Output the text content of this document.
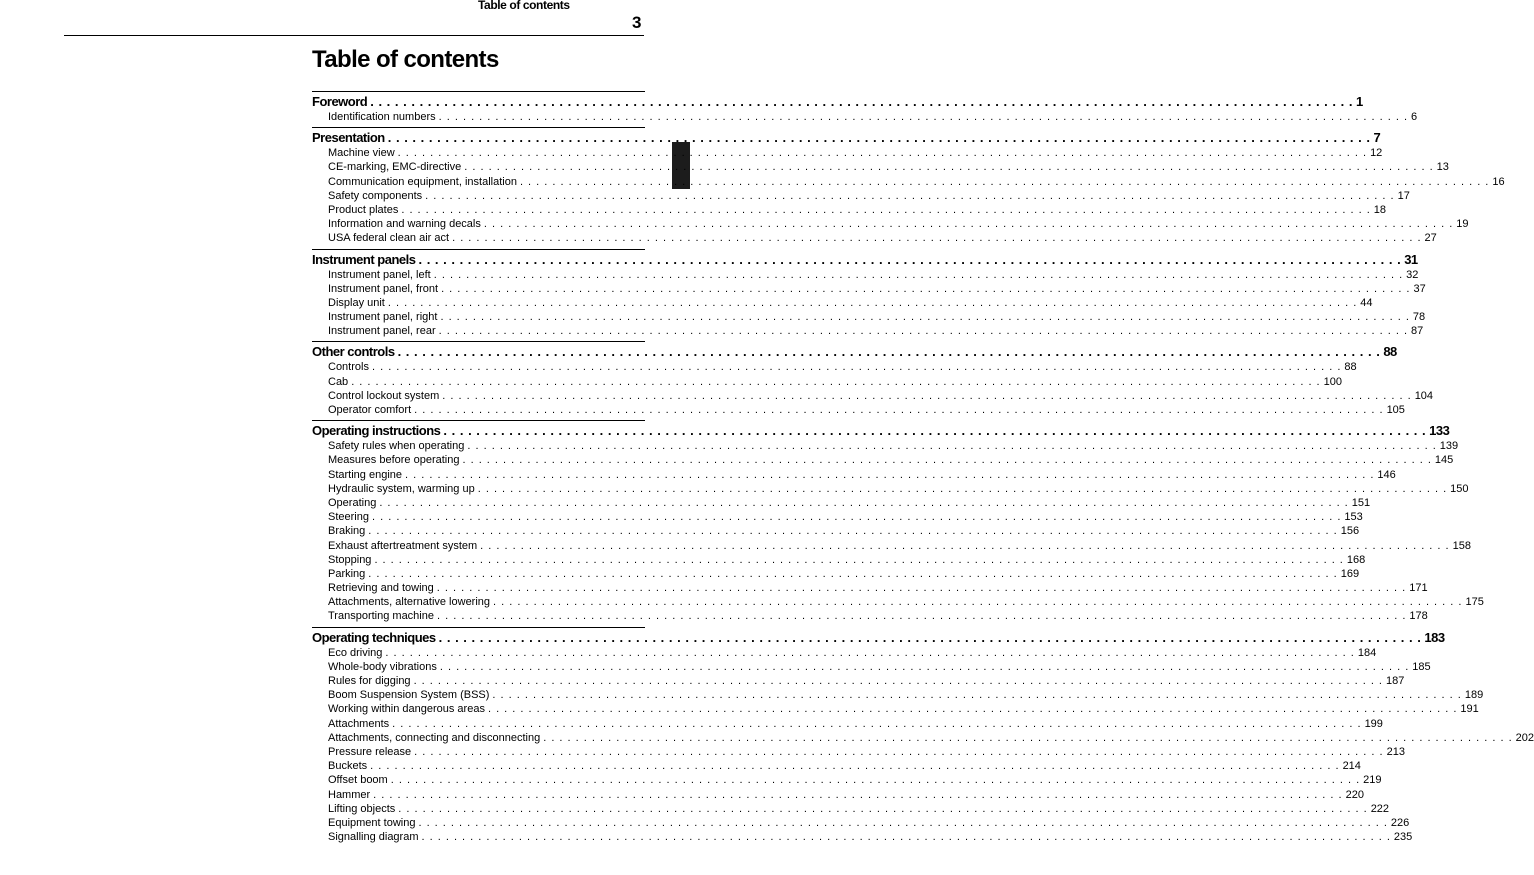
Table of contents
3
Table of contents
Foreword . . . . . . . . . . . . . . . . . . . . . . . . . . . . . . . . . . . . . . . . . . . . . . . . . . . . . . . . . . . . . . . . . . . . . . . . . . . . . . . . . . . . . . . . . . . . . . . . . . . . . . . . . . . . . . . . . . . . . . . . 1
Identification numbers . . . . . . . . . . . . . . . . . . . . . . . . . . . . . . . . . . . . . . . . . . . . . . . . . . . . . . . . . . . . . . . . . . . . . . . . . . . . . . . . . . . . . . . . . . . . . . . . . . . . . . . . . . . . . . . . . . . . . . . . 6
Presentation . . . . . . . . . . . . . . . . . . . . . . . . . . . . . . . . . . . . . . . . . . . . . . . . . . . . . . . . . . . . . . . . . . . . . . . . . . . . . . . . . . . . . . . . . . . . . . . . . . . . . . . . . . . . . . . . . . . . . . . . 7
Machine view . . . . . . . . . . . . . . . . . . . . . . . . . . . . . . . . . . . . . . . . . . . . . . . . . . . . . . . . . . . . . . . . . . . . . . . . . . . . . . . . . . . . . . . . . . . . . . . . . . . . . . . . . . . . . . . . . . . . . . . . 12
CE-marking, EMC-directive . . . . . . . . . . . . . . . . . . . . . . . . . . . . . . . . . . . . . . . . . . . . . . . . . . . . . . . . . . . . . . . . . . . . . . . . . . . . . . . . . . . . . . . . . . . . . . . . . . . . . . . . . . . . . . . . . . . . . . . . 13
Communication equipment, installation . . . . . . . . . . . . . . . . . . . . . . . . . . . . . . . . . . . . . . . . . . . . . . . . . . . . . . . . . . . . . . . . . . . . . . . . . . . . . . . . . . . . . . . . . . . . . . . . . . . . . . . . . . . . . . . . . . . . . . . . 16
Safety components . . . . . . . . . . . . . . . . . . . . . . . . . . . . . . . . . . . . . . . . . . . . . . . . . . . . . . . . . . . . . . . . . . . . . . . . . . . . . . . . . . . . . . . . . . . . . . . . . . . . . . . . . . . . . . . . . . . . . . . . 17
Product plates . . . . . . . . . . . . . . . . . . . . . . . . . . . . . . . . . . . . . . . . . . . . . . . . . . . . . . . . . . . . . . . . . . . . . . . . . . . . . . . . . . . . . . . . . . . . . . . . . . . . . . . . . . . . . . . . . . . . . . . . 18
Information and warning decals . . . . . . . . . . . . . . . . . . . . . . . . . . . . . . . . . . . . . . . . . . . . . . . . . . . . . . . . . . . . . . . . . . . . . . . . . . . . . . . . . . . . . . . . . . . . . . . . . . . . . . . . . . . . . . . . . . . . . . . . 19
USA federal clean air act . . . . . . . . . . . . . . . . . . . . . . . . . . . . . . . . . . . . . . . . . . . . . . . . . . . . . . . . . . . . . . . . . . . . . . . . . . . . . . . . . . . . . . . . . . . . . . . . . . . . . . . . . . . . . . . . . . . . . . . . 27
Instrument panels . . . . . . . . . . . . . . . . . . . . . . . . . . . . . . . . . . . . . . . . . . . . . . . . . . . . . . . . . . . . . . . . . . . . . . . . . . . . . . . . . . . . . . . . . . . . . . . . . . . . . . . . . . . . . . . . . . . . . . . . 31
Instrument panel, left . . . . . . . . . . . . . . . . . . . . . . . . . . . . . . . . . . . . . . . . . . . . . . . . . . . . . . . . . . . . . . . . . . . . . . . . . . . . . . . . . . . . . . . . . . . . . . . . . . . . . . . . . . . . . . . . . . . . . . . . 32
Instrument panel, front . . . . . . . . . . . . . . . . . . . . . . . . . . . . . . . . . . . . . . . . . . . . . . . . . . . . . . . . . . . . . . . . . . . . . . . . . . . . . . . . . . . . . . . . . . . . . . . . . . . . . . . . . . . . . . . . . . . . . . . . 37
Display unit . . . . . . . . . . . . . . . . . . . . . . . . . . . . . . . . . . . . . . . . . . . . . . . . . . . . . . . . . . . . . . . . . . . . . . . . . . . . . . . . . . . . . . . . . . . . . . . . . . . . . . . . . . . . . . . . . . . . . . . . 44
Instrument panel, right . . . . . . . . . . . . . . . . . . . . . . . . . . . . . . . . . . . . . . . . . . . . . . . . . . . . . . . . . . . . . . . . . . . . . . . . . . . . . . . . . . . . . . . . . . . . . . . . . . . . . . . . . . . . . . . . . . . . . . . . 78
Instrument panel, rear . . . . . . . . . . . . . . . . . . . . . . . . . . . . . . . . . . . . . . . . . . . . . . . . . . . . . . . . . . . . . . . . . . . . . . . . . . . . . . . . . . . . . . . . . . . . . . . . . . . . . . . . . . . . . . . . . . . . . . . . 87
Other controls . . . . . . . . . . . . . . . . . . . . . . . . . . . . . . . . . . . . . . . . . . . . . . . . . . . . . . . . . . . . . . . . . . . . . . . . . . . . . . . . . . . . . . . . . . . . . . . . . . . . . . . . . . . . . . . . . . . . . . . . 88
Controls . . . . . . . . . . . . . . . . . . . . . . . . . . . . . . . . . . . . . . . . . . . . . . . . . . . . . . . . . . . . . . . . . . . . . . . . . . . . . . . . . . . . . . . . . . . . . . . . . . . . . . . . . . . . . . . . . . . . . . . . 88
Cab . . . . . . . . . . . . . . . . . . . . . . . . . . . . . . . . . . . . . . . . . . . . . . . . . . . . . . . . . . . . . . . . . . . . . . . . . . . . . . . . . . . . . . . . . . . . . . . . . . . . . . . . . . . . . . . . . . . . . . . . 100
Control lockout system . . . . . . . . . . . . . . . . . . . . . . . . . . . . . . . . . . . . . . . . . . . . . . . . . . . . . . . . . . . . . . . . . . . . . . . . . . . . . . . . . . . . . . . . . . . . . . . . . . . . . . . . . . . . . . . . . . . . . . . . 104
Operator comfort . . . . . . . . . . . . . . . . . . . . . . . . . . . . . . . . . . . . . . . . . . . . . . . . . . . . . . . . . . . . . . . . . . . . . . . . . . . . . . . . . . . . . . . . . . . . . . . . . . . . . . . . . . . . . . . . . . . . . . . . 105
Operating instructions . . . . . . . . . . . . . . . . . . . . . . . . . . . . . . . . . . . . . . . . . . . . . . . . . . . . . . . . . . . . . . . . . . . . . . . . . . . . . . . . . . . . . . . . . . . . . . . . . . . . . . . . . . . . . . . . . . . . . . . . 133
Safety rules when operating . . . . . . . . . . . . . . . . . . . . . . . . . . . . . . . . . . . . . . . . . . . . . . . . . . . . . . . . . . . . . . . . . . . . . . . . . . . . . . . . . . . . . . . . . . . . . . . . . . . . . . . . . . . . . . . . . . . . . . . . 139
Measures before operating . . . . . . . . . . . . . . . . . . . . . . . . . . . . . . . . . . . . . . . . . . . . . . . . . . . . . . . . . . . . . . . . . . . . . . . . . . . . . . . . . . . . . . . . . . . . . . . . . . . . . . . . . . . . . . . . . . . . . . . . 145
Starting engine . . . . . . . . . . . . . . . . . . . . . . . . . . . . . . . . . . . . . . . . . . . . . . . . . . . . . . . . . . . . . . . . . . . . . . . . . . . . . . . . . . . . . . . . . . . . . . . . . . . . . . . . . . . . . . . . . . . . . . . . 146
Hydraulic system, warming up . . . . . . . . . . . . . . . . . . . . . . . . . . . . . . . . . . . . . . . . . . . . . . . . . . . . . . . . . . . . . . . . . . . . . . . . . . . . . . . . . . . . . . . . . . . . . . . . . . . . . . . . . . . . . . . . . . . . . . . . 150
Operating . . . . . . . . . . . . . . . . . . . . . . . . . . . . . . . . . . . . . . . . . . . . . . . . . . . . . . . . . . . . . . . . . . . . . . . . . . . . . . . . . . . . . . . . . . . . . . . . . . . . . . . . . . . . . . . . . . . . . . . . 151
Steering . . . . . . . . . . . . . . . . . . . . . . . . . . . . . . . . . . . . . . . . . . . . . . . . . . . . . . . . . . . . . . . . . . . . . . . . . . . . . . . . . . . . . . . . . . . . . . . . . . . . . . . . . . . . . . . . . . . . . . . . 153
Braking . . . . . . . . . . . . . . . . . . . . . . . . . . . . . . . . . . . . . . . . . . . . . . . . . . . . . . . . . . . . . . . . . . . . . . . . . . . . . . . . . . . . . . . . . . . . . . . . . . . . . . . . . . . . . . . . . . . . . . . . 156
Exhaust aftertreatment system . . . . . . . . . . . . . . . . . . . . . . . . . . . . . . . . . . . . . . . . . . . . . . . . . . . . . . . . . . . . . . . . . . . . . . . . . . . . . . . . . . . . . . . . . . . . . . . . . . . . . . . . . . . . . . . . . . . . . . . . 158
Stopping . . . . . . . . . . . . . . . . . . . . . . . . . . . . . . . . . . . . . . . . . . . . . . . . . . . . . . . . . . . . . . . . . . . . . . . . . . . . . . . . . . . . . . . . . . . . . . . . . . . . . . . . . . . . . . . . . . . . . . . . 168
Parking . . . . . . . . . . . . . . . . . . . . . . . . . . . . . . . . . . . . . . . . . . . . . . . . . . . . . . . . . . . . . . . . . . . . . . . . . . . . . . . . . . . . . . . . . . . . . . . . . . . . . . . . . . . . . . . . . . . . . . . . 169
Retrieving and towing . . . . . . . . . . . . . . . . . . . . . . . . . . . . . . . . . . . . . . . . . . . . . . . . . . . . . . . . . . . . . . . . . . . . . . . . . . . . . . . . . . . . . . . . . . . . . . . . . . . . . . . . . . . . . . . . . . . . . . . . 171
Attachments, alternative lowering . . . . . . . . . . . . . . . . . . . . . . . . . . . . . . . . . . . . . . . . . . . . . . . . . . . . . . . . . . . . . . . . . . . . . . . . . . . . . . . . . . . . . . . . . . . . . . . . . . . . . . . . . . . . . . . . . . . . . . . . 175
Transporting machine . . . . . . . . . . . . . . . . . . . . . . . . . . . . . . . . . . . . . . . . . . . . . . . . . . . . . . . . . . . . . . . . . . . . . . . . . . . . . . . . . . . . . . . . . . . . . . . . . . . . . . . . . . . . . . . . . . . . . . . . 178
Operating techniques . . . . . . . . . . . . . . . . . . . . . . . . . . . . . . . . . . . . . . . . . . . . . . . . . . . . . . . . . . . . . . . . . . . . . . . . . . . . . . . . . . . . . . . . . . . . . . . . . . . . . . . . . . . . . . . . . . . . . . . . 183
Eco driving . . . . . . . . . . . . . . . . . . . . . . . . . . . . . . . . . . . . . . . . . . . . . . . . . . . . . . . . . . . . . . . . . . . . . . . . . . . . . . . . . . . . . . . . . . . . . . . . . . . . . . . . . . . . . . . . . . . . . . . . 184
Whole-body vibrations . . . . . . . . . . . . . . . . . . . . . . . . . . . . . . . . . . . . . . . . . . . . . . . . . . . . . . . . . . . . . . . . . . . . . . . . . . . . . . . . . . . . . . . . . . . . . . . . . . . . . . . . . . . . . . . . . . . . . . . . 185
Rules for digging . . . . . . . . . . . . . . . . . . . . . . . . . . . . . . . . . . . . . . . . . . . . . . . . . . . . . . . . . . . . . . . . . . . . . . . . . . . . . . . . . . . . . . . . . . . . . . . . . . . . . . . . . . . . . . . . . . . . . . . . 187
Boom Suspension System (BSS) . . . . . . . . . . . . . . . . . . . . . . . . . . . . . . . . . . . . . . . . . . . . . . . . . . . . . . . . . . . . . . . . . . . . . . . . . . . . . . . . . . . . . . . . . . . . . . . . . . . . . . . . . . . . . . . . . . . . . . . . 189
Working within dangerous areas . . . . . . . . . . . . . . . . . . . . . . . . . . . . . . . . . . . . . . . . . . . . . . . . . . . . . . . . . . . . . . . . . . . . . . . . . . . . . . . . . . . . . . . . . . . . . . . . . . . . . . . . . . . . . . . . . . . . . . . . 191
Attachments . . . . . . . . . . . . . . . . . . . . . . . . . . . . . . . . . . . . . . . . . . . . . . . . . . . . . . . . . . . . . . . . . . . . . . . . . . . . . . . . . . . . . . . . . . . . . . . . . . . . . . . . . . . . . . . . . . . . . . . . 199
Attachments, connecting and disconnecting . . . . . . . . . . . . . . . . . . . . . . . . . . . . . . . . . . . . . . . . . . . . . . . . . . . . . . . . . . . . . . . . . . . . . . . . . . . . . . . . . . . . . . . . . . . . . . . . . . . . . . . . . . . . . . . . . . . . . . . . 202
Pressure release . . . . . . . . . . . . . . . . . . . . . . . . . . . . . . . . . . . . . . . . . . . . . . . . . . . . . . . . . . . . . . . . . . . . . . . . . . . . . . . . . . . . . . . . . . . . . . . . . . . . . . . . . . . . . . . . . . . . . . . . 213
Buckets . . . . . . . . . . . . . . . . . . . . . . . . . . . . . . . . . . . . . . . . . . . . . . . . . . . . . . . . . . . . . . . . . . . . . . . . . . . . . . . . . . . . . . . . . . . . . . . . . . . . . . . . . . . . . . . . . . . . . . . . 214
Offset boom . . . . . . . . . . . . . . . . . . . . . . . . . . . . . . . . . . . . . . . . . . . . . . . . . . . . . . . . . . . . . . . . . . . . . . . . . . . . . . . . . . . . . . . . . . . . . . . . . . . . . . . . . . . . . . . . . . . . . . . . 219
Hammer . . . . . . . . . . . . . . . . . . . . . . . . . . . . . . . . . . . . . . . . . . . . . . . . . . . . . . . . . . . . . . . . . . . . . . . . . . . . . . . . . . . . . . . . . . . . . . . . . . . . . . . . . . . . . . . . . . . . . . . . 220
Lifting objects . . . . . . . . . . . . . . . . . . . . . . . . . . . . . . . . . . . . . . . . . . . . . . . . . . . . . . . . . . . . . . . . . . . . . . . . . . . . . . . . . . . . . . . . . . . . . . . . . . . . . . . . . . . . . . . . . . . . . . . . 222
Equipment towing . . . . . . . . . . . . . . . . . . . . . . . . . . . . . . . . . . . . . . . . . . . . . . . . . . . . . . . . . . . . . . . . . . . . . . . . . . . . . . . . . . . . . . . . . . . . . . . . . . . . . . . . . . . . . . . . . . . . . . . . 226
Signalling diagram . . . . . . . . . . . . . . . . . . . . . . . . . . . . . . . . . . . . . . . . . . . . . . . . . . . . . . . . . . . . . . . . . . . . . . . . . . . . . . . . . . . . . . . . . . . . . . . . . . . . . . . . . . . . . . . . . . . . . . . . 235
